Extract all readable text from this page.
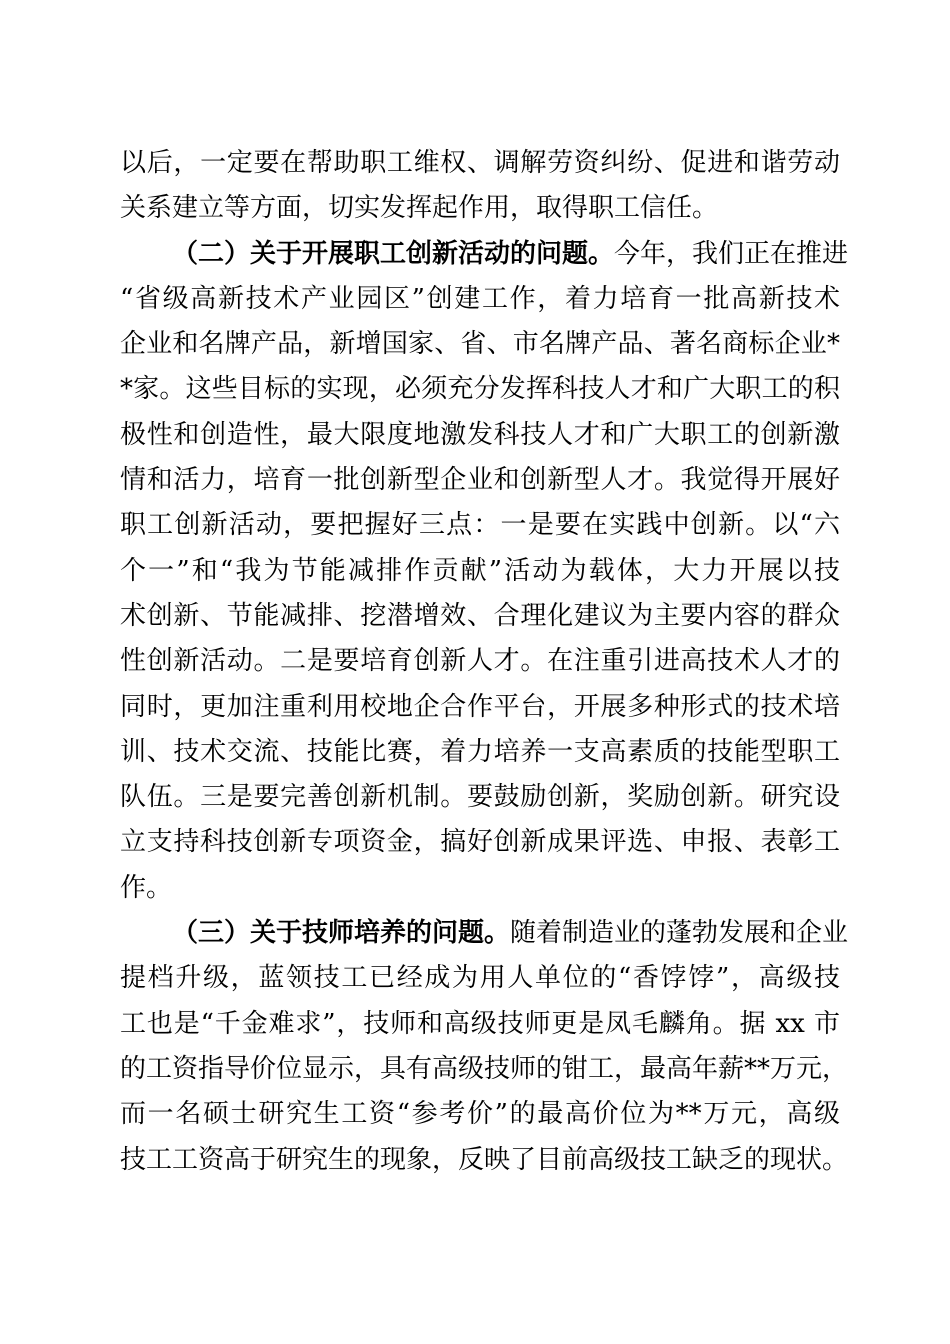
以后，一定要在帮助职工维权、调解劳资纠纷、促进和谐劳动
关系建立等方面，切实发挥起作用，取得职工信任。
（二）关于开展职工创新活动的问题。今年，我们正在推进
“省级高新技术产业园区”创建工作，着力培育一批高新技术
企业和名牌产品，新增国家、省、市名牌产品、著名商标企业*
*家。这些目标的实现，必须充分发挥科技人才和广大职工的积
极性和创造性，最大限度地激发科技人才和广大职工的创新激
情和活力，培育一批创新型企业和创新型人才。我觉得开展好
职工创新活动，要把握好三点：一是要在实践中创新。以“六
个一”和“我为节能减排作贡献”活动为载体，大力开展以技
术创新、节能减排、挖潜增效、合理化建议为主要内容的群众
性创新活动。二是要培育创新人才。在注重引进高技术人才的
同时，更加注重利用校地企合作平台，开展多种形式的技术培
训、技术交流、技能比赛，着力培养一支高素质的技能型职工
队伍。三是要完善创新机制。要鼓励创新，奖励创新。研究设
立支持科技创新专项资金，搞好创新成果评选、申报、表彰工
作。
（三）关于技师培养的问题。随着制造业的蓬勃发展和企业
提档升级，蓝领技工已经成为用人单位的“香饽饽”，高级技
工也是“千金难求”，技师和高级技师更是凤毛麟角。据 xx 市
的工资指导价位显示，具有高级技师的钳工，最高年薪**万元，
而一名硕士研究生工资“参考价”的最高价位为**万元，高级
技工工资高于研究生的现象，反映了目前高级技工缺乏的现状。
